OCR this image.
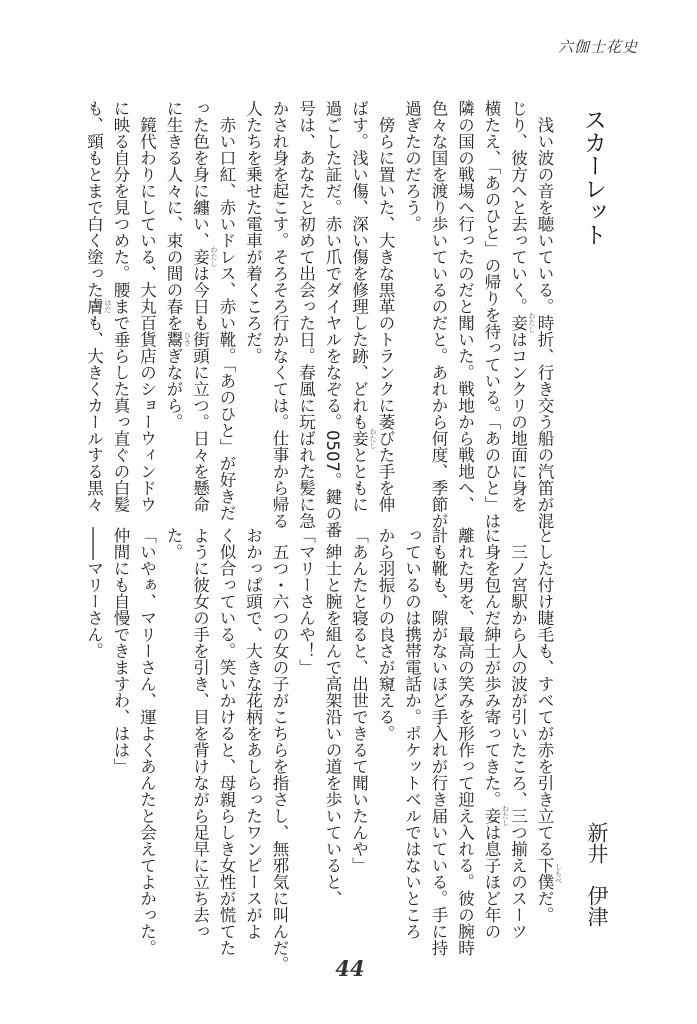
六伽士花史
スカーレット
新井　伊津
　浅い波の音を聴いている。時折、行き交う船の汽笛が混
じり、彼方へと去っていく。妾はコンクリの地面に身を
横たえ、「あのひと」の帰りを待っている。「あのひと」は
隣の国の戦場へ行ったのだと聞いた。戦地から戦地へ、
色々な国を渡り歩いているのだと。あれから何度、季節が
過ぎたのだろう。
　傍らに置いた、大きな黒革のトランクに萎びた手を伸
ばす。浅い傷、深い傷を修理した跡、どれも妾とともに
過ごした証だ。赤い爪でダイヤルをなぞる。0507。鍵の番
号は、あなたと初めて出会った日。春風に玩ばれた髪に急
かされ身を起こす。そろそろ行かなくては。仕事から帰る
人たちを乗せた電車が着くころだ。
　赤い口紅、赤いドレス、赤い靴。「あのひと」が好きだ
った色を身に纏い、妾は今日も街頭に立つ。日々を懸命
に生きる人々に、束の間の春を鬻ぎながら。
　鏡代わりにしている、大丸百貨店のショーウィンドウ
に映る自分を見つめた。腰まで垂らした真っ直ぐの白髪
も、頸もとまで白く塗った膚も、大きくカールする黒々
とした付け睫毛も、すべてが赤を引き立てる下僕だ。
　三ノ宮駅から人の波が引いたころ、三つ揃えのスーツ
に身を包んだ紳士が歩み寄ってきた。妾は息子ほど年の
離れた男を、最高の笑みを形作って迎え入れる。彼の腕時
計も靴も、隙がないほど手入れが行き届いている。手に持
っているのは携帯電話か。ポケットベルではないところ
から羽振りの良さが窺える。
「あんたと寝ると、出世できるて聞いたんや」
　紳士と腕を組んで高架沿いの道を歩いていると、
「マリーさんや！」
　五つ・六つの女の子がこちらを指さし、無邪気に叫んだ。
おかっぱ頭で、大きな花柄をあしらったワンピースがよ
く似合っている。笑いかけると、母親らしき女性が慌てた
ように彼女の手を引き、目を背けながら足早に立ち去っ
た。
「いやぁ、マリーさん、運よくあんたと会えてよかった。
仲間にも自慢できますわ、はは」
――マリーさん。
44
わたし
わたし
わたし
ひさ
はだ
しもべ
わたし
